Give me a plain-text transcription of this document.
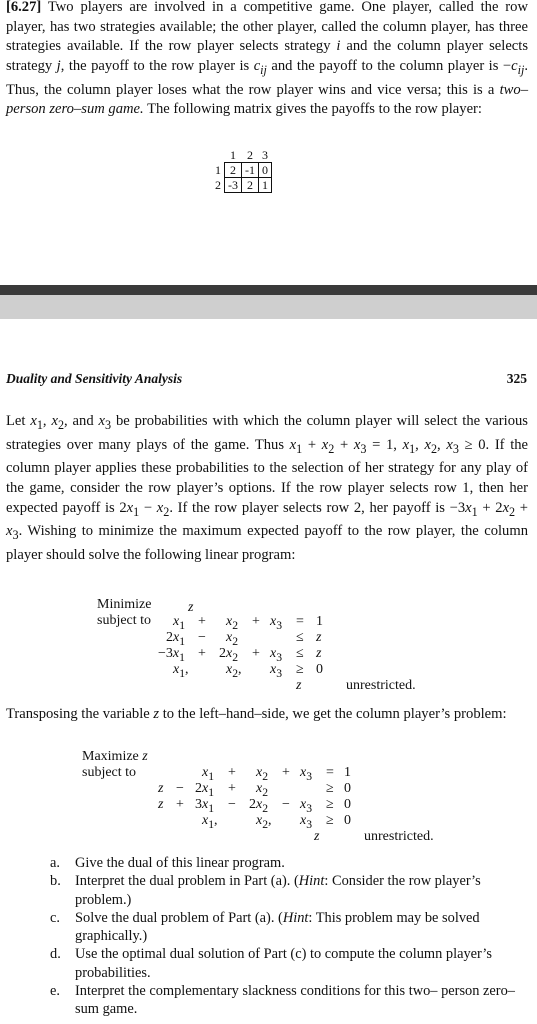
[6.27] Two players are involved in a competitive game. One player, called the row player, has two strategies available; the other player, called the column player, has three strategies available. If the row player selects strategy i and the column player selects strategy j, the payoff to the row player is $c_{ij}$ and the payoff to the column player is $-c_{ij}$. Thus, the column player loses what the row player wins and vice versa; this is a two–person zero–sum game. The following matrix gives the payoffs to the row player:

	1	2	3
1	2	-1	0
2	-3	2	1
Duality and Sensitivity Analysis	325

Let $x_1$, $x_2$, and $x_3$ be probabilities with which the column player will select the various strategies over many plays of the game. Thus $x_1 + x_2 + x_3 = 1$, $x_1$, $x_2$, $x_3 \ge 0$. If the column player applies these probabilities to the selection of her strategy for any play of the game, consider the row player’s options. If the row player selects row 1, then her expected payoff is $2x_1 - x_2$. If the row player selects row 2, her payoff is $-3x_1 + 2x_2 + x_3$. Wishing to minimize the maximum expected payoff to the row player, the column player should solve the following linear program:

Minimize
subject to
z
$x_1 + x_2 + x_3 = 1$
$2x_1 - x_2$	≤ z
$-3x_1 + 2x_2 + x_3 \le z$
$x_1$,	$x_2$, $x_3 \ge 0$
z	unrestricted.

Transposing the variable z to the left–hand–side, we get the column player’s problem:

Maximize z
subject to	$x_1 + x_2 + x_3 = 1$
$z - 2x_1 + x_2$	≥ 0
$z + 3x_1 - 2x_2 - x_3 \ge 0$
$x_1$,	$x_2$, $x_3 \ge 0$
z	unrestricted.

a. Give the dual of this linear program.

b. Interpret the dual problem in Part (a). (Hint: Consider the row player’s problem.)

c. Solve the dual problem of Part (a). (Hint: This problem may be solved graphically.)

d. Use the optimal dual solution of Part (c) to compute the column player’s probabilities.

e. Interpret the complementary slackness conditions for this two– person zero–sum game.
